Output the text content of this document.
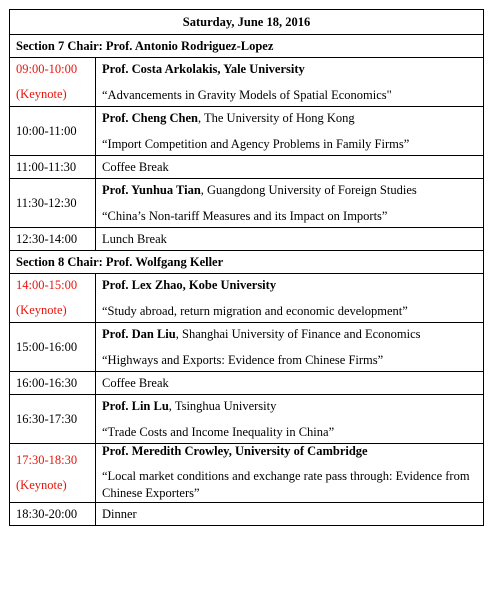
Saturday, June 18, 2016	
Section 7 Chair: Prof. Antonio Rodriguez-Lopez	

09:00-10:00
(Keynote)	Prof. Costa Arkolakis, Yale University
“Advancements in Gravity Models of Spatial Economics"

10:00-11:00	Prof. Cheng Chen, The University of Hong Kong
“Import Competition and Agency Problems in Family Firms”

11:00-11:30	Coffee Break
11:30-12:30	Prof. Yunhua Tian, Guangdong University of Foreign Studies
“China’s Non-tariff Measures and its Impact on Imports”

12:30-14:00	Lunch Break
Section 8 Chair: Prof. Wolfgang Keller	

14:00-15:00
(Keynote)	Prof. Lex Zhao, Kobe University
“Study abroad, return migration and economic development”

15:00-16:00	Prof. Dan Liu, Shanghai University of Finance and Economics
“Highways and Exports: Evidence from Chinese Firms”

16:00-16:30	Coffee Break
16:30-17:30	Prof. Lin Lu, Tsinghua University
“Trade Costs and Income Inequality in China”

17:30-18:30
(Keynote)	Prof. Meredith Crowley, University of Cambridge
“Local market conditions and exchange rate pass through: Evidence from Chinese Exporters”

18:30-20:00	Dinner
